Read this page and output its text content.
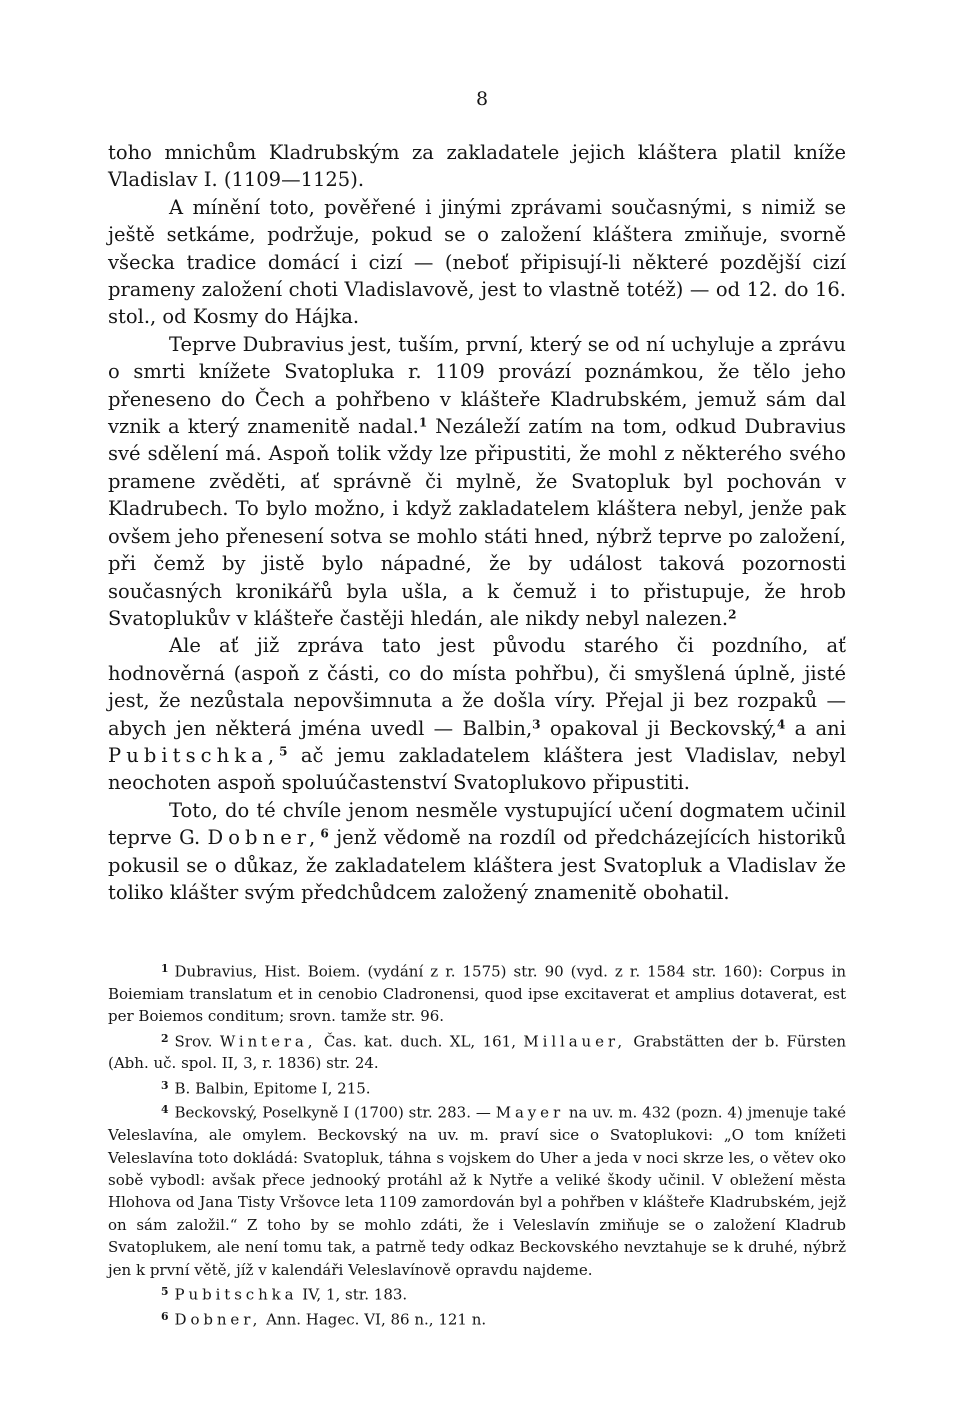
8

toho mnichům Kladrubským za zakladatele jejich kláštera platil kníže Vladislav I. (1109—1125).

A mínění toto, pověřené i jinými zprávami současnými, s nimiž se ještě setkáme, podržuje, pokud se o založení kláštera zmiňuje, svorně všecka tradice domácí i cizí — (neboť připisují-li některé pozdější cizí prameny založení choti Vladislavově, jest to vlastně totéž) — od 12. do 16. stol., od Kosmy do Hájka.

Teprve Dubravius jest, tuším, první, který se od ní uchyluje a zprávu o smrti knížete Svatopluka r. 1109 provází poznámkou, že tělo jeho přeneseno do Čech a pohřbeno v klášteře Kladrubském, jemuž sám dal vznik a který znamenitě nadal.$^1$ Nezáleží zatím na tom, odkud Dubravius své sdělení má. Aspoň tolik vždy lze připustiti, že mohl z některého svého pramene zvěděti, ať správně či mylně, že Svatopluk byl pochován v Kladrubech. To bylo možno, i když zakladatelem kláštera nebyl, jenže pak ovšem jeho přenesení sotva se mohlo státi hned, nýbrž teprve po založení, při čemž by jistě bylo nápadné, že by událost taková pozornosti současných kronikářů byla ušla, a k čemuž i to přistupuje, že hrob Svatoplukův v klášteře častěji hledán, ale nikdy nebyl nalezen.$^2$

Ale ať již zpráva tato jest původu starého či pozdního, ať hodnověrná (aspoň z části, co do místa pohřbu), či smyšlená úplně, jisté jest, že nezůstala nepovšimnuta a že došla víry. Přejal ji bez rozpaků — abych jen některá jména uvedl — Balbin,$^3$ opakoval ji Beckovský,$^4$ a ani Pubitschka,$^5$ ač jemu zakladatelem kláštera jest Vladislav, nebyl neochoten aspoň spoluúčastenství Svatoplukovo připustiti.

Toto, do té chvíle jenom nesměle vystupující učení dogmatem učinil teprve G. Dobner,$^6$ jenž vědomě na rozdíl od předcházejících historiků pokusil se o důkaz, že zakladatelem kláštera jest Svatopluk a Vladislav že toliko klášter svým předchůdcem založený znamenitě obohatil.

$^1$ Dubravius, Hist. Boiem. (vydání z r. 1575) str. 90 (vyd. z r. 1584 str. 160): Corpus in Boiemiam translatum et in cenobio Cladronensi, quod ipse excitaverat et amplius dotaverat, est per Boiemos conditum; srovn. tamže str. 96.

$^2$ Srov. Wintera, Čas. kat. duch. XL, 161, Millauer, Grabstätten der b. Fürsten (Abh. uč. spol. II, 3, r. 1836) str. 24.

$^3$ B. Balbin, Epitome I, 215.

$^4$ Beckovský, Poselkyně I (1700) str. 283. — Mayer na uv. m. 432 (pozn. 4) jmenuje také Veleslavína, ale omylem. Beckovský na uv. m. praví sice o Svatoplukovi: „O tom knížeti Veleslavína toto dokládá: Svatopluk, táhna s vojskem do Uher a jeda v noci skrze les, o větev oko sobě vybodl: avšak přece jednooký protáhl až k Nytře a veliké škody učinil. V obležení města Hlohova od Jana Tisty Vršovce leta 1109 zamordován byl a pohřben v klášteře Kladrubském, jejž on sám založil.“ Z toho by se mohlo zdáti, že i Veleslavín zmiňuje se o založení Kladrub Svatoplukem, ale není tomu tak, a patrně tedy odkaz Beckovského nevztahuje se k druhé, nýbrž jen k první větě, jíž v kalendáři Veleslavínově opravdu najdeme.

$^5$ Pubitschka IV, 1, str. 183.

$^6$ Dobner, Ann. Hagec. VI, 86 n., 121 n.
